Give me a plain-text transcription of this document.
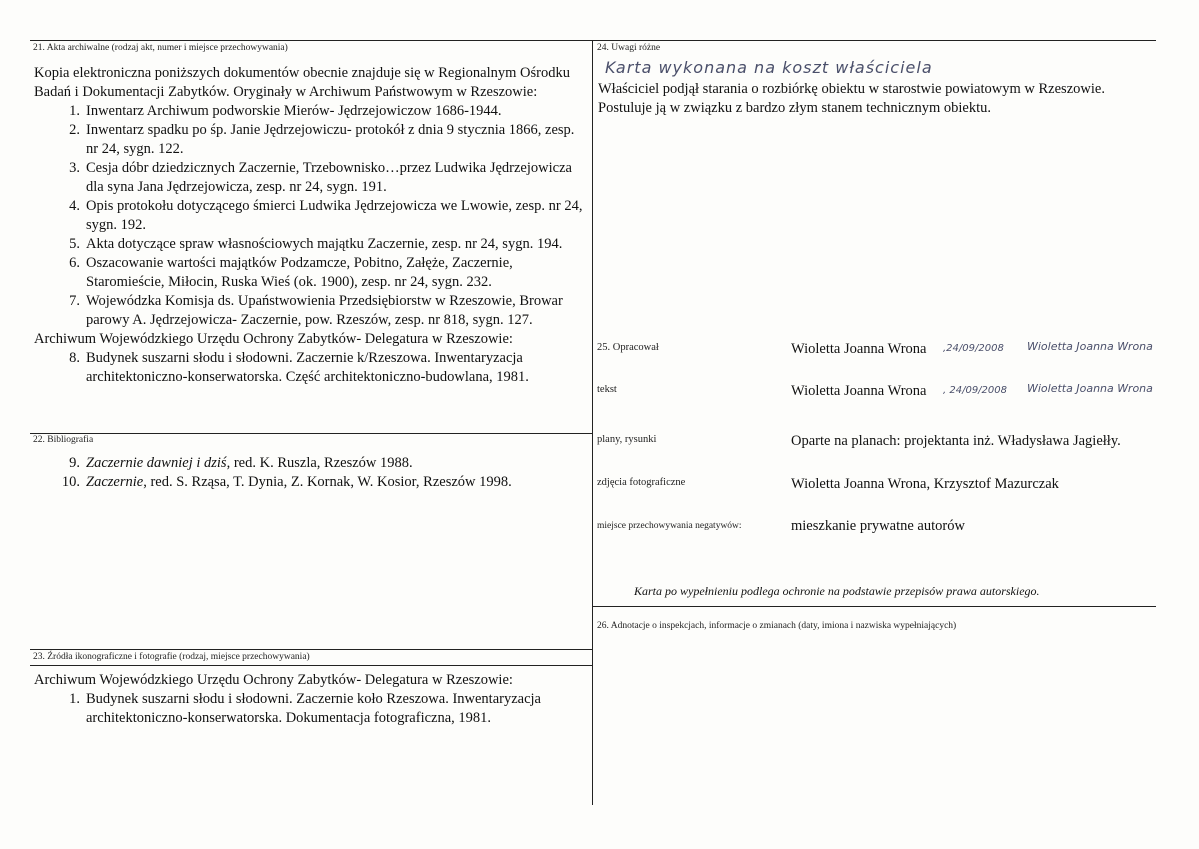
21. Akta archiwalne (rodzaj akt, numer i miejsce przechowywania)

Kopia elektroniczna poniższych dokumentów obecnie znajduje się w Regionalnym Ośrodku Badań i Dokumentacji Zabytków. Oryginały w Archiwum Państwowym w Rzeszowie:

1. Inwentarz Archiwum podworskie Mierów- Jędrzejowiczow 1686-1944.
2. Inwentarz spadku po śp. Janie Jędrzejowiczu- protokół z dnia 9 stycznia 1866, zesp. nr 24, sygn. 122.
3. Cesja dóbr dziedzicznych Zaczernie, Trzebownisko…przez Ludwika Jędrzejowicza dla syna Jana Jędrzejowicza, zesp. nr 24, sygn. 191.
4. Opis protokołu dotyczącego śmierci Ludwika Jędrzejowicza we Lwowie, zesp. nr 24, sygn. 192.
5. Akta dotyczące spraw własnościowych majątku Zaczernie, zesp. nr 24, sygn. 194.
6. Oszacowanie wartości majątków Podzamcze, Pobitno, Załęże, Zaczernie, Staromieście, Miłocin, Ruska Wieś (ok. 1900), zesp. nr 24, sygn. 232.
7. Wojewódzka Komisja ds. Upaństwowienia Przedsiębiorstw w Rzeszowie, Browar parowy A. Jędrzejowicza- Zaczernie, pow. Rzeszów, zesp. nr 818, sygn. 127.

Archiwum Wojewódzkiego Urzędu Ochrony Zabytków- Delegatura w Rzeszowie:

8. Budynek suszarni słodu i słodowni. Zaczernie k/Rzeszowa. Inwentaryzacja architektoniczno-konserwatorska. Część architektoniczno-budowlana, 1981.
22. Bibliografia
9. Zaczernie dawniej i dziś, red. K. Ruszla, Rzeszów 1988.
10. Zaczernie, red. S. Rząsa, T. Dynia, Z. Kornak, W. Kosior, Rzeszów 1998.
23. Źródła ikonograficzne i fotografie (rodzaj, miejsce przechowywania)

Archiwum Wojewódzkiego Urzędu Ochrony Zabytków- Delegatura w Rzeszowie:

1. Budynek suszarni słodu i słodowni. Zaczernie koło Rzeszowa. Inwentaryzacja architektoniczno-konserwatorska. Dokumentacja fotograficzna, 1981.
24. Uwagi różne
Karta wykonana na koszt właściciela
Właściciel podjął starania o rozbiórkę obiektu w starostwie powiatowym w Rzeszowie. Postuluje ją w związku z bardzo złym stanem technicznym obiektu.
25. Opracował	Wioletta Joanna Wrona ,24/09/2008 Wioletta Joanna Wrona
tekst	Wioletta Joanna Wrona , 24/09/2008 Wioletta Joanna Wrona
plany, rysunki	Oparte na planach: projektanta inż. Władysława Jagiełły.
zdjęcia fotograficzne	Wioletta Joanna Wrona, Krzysztof Mazurczak
miejsce przechowywania negatywów:	mieszkanie prywatne autorów
Karta po wypełnieniu podlega ochronie na podstawie przepisów prawa autorskiego.
26. Adnotacje o inspekcjach, informacje o zmianach (daty, imiona i nazwiska wypełniających)
